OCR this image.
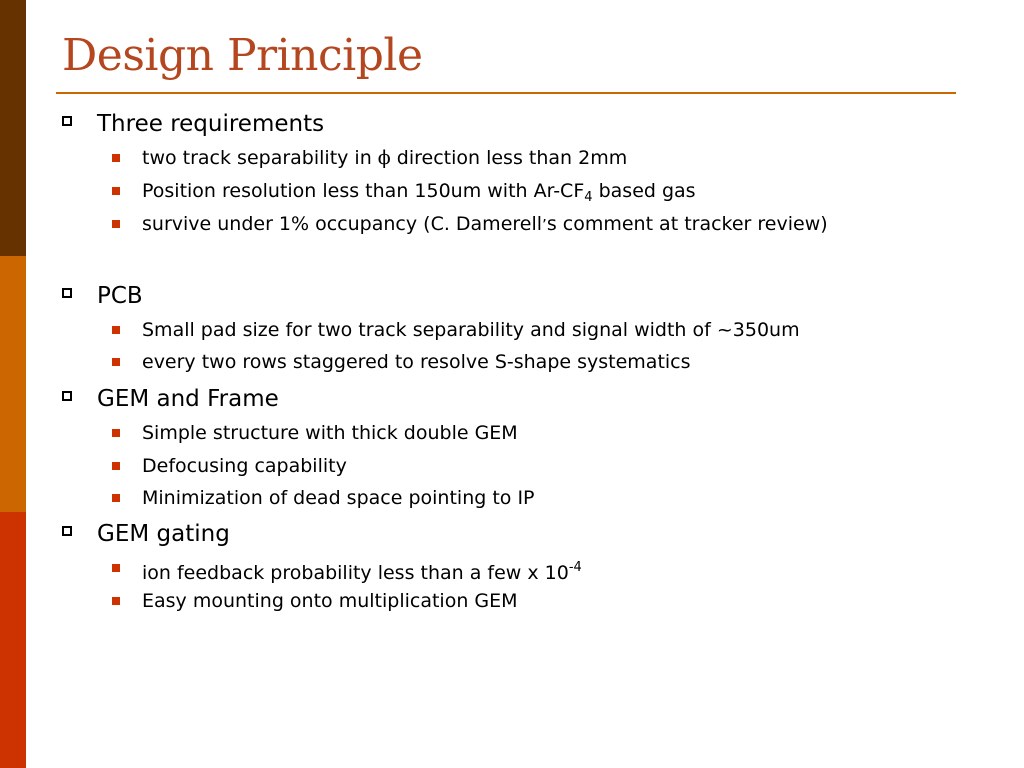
Design Principle
Three requirements
two track separability in ϕ direction less than 2mm
Position resolution less than 150um with $Ar-CF_4$ based gas
survive under 1% occupancy (C. Damerell’s comment at tracker review)
PCB
Small pad size for two track separability and signal width of ~350um
every two rows staggered to resolve S-shape systematics
GEM and Frame
Simple structure with thick double GEM
Defocusing capability
Minimization of dead space pointing to IP
GEM gating
ion feedback probability less than a few x $10^{-4}$
Easy mounting onto multiplication GEM
